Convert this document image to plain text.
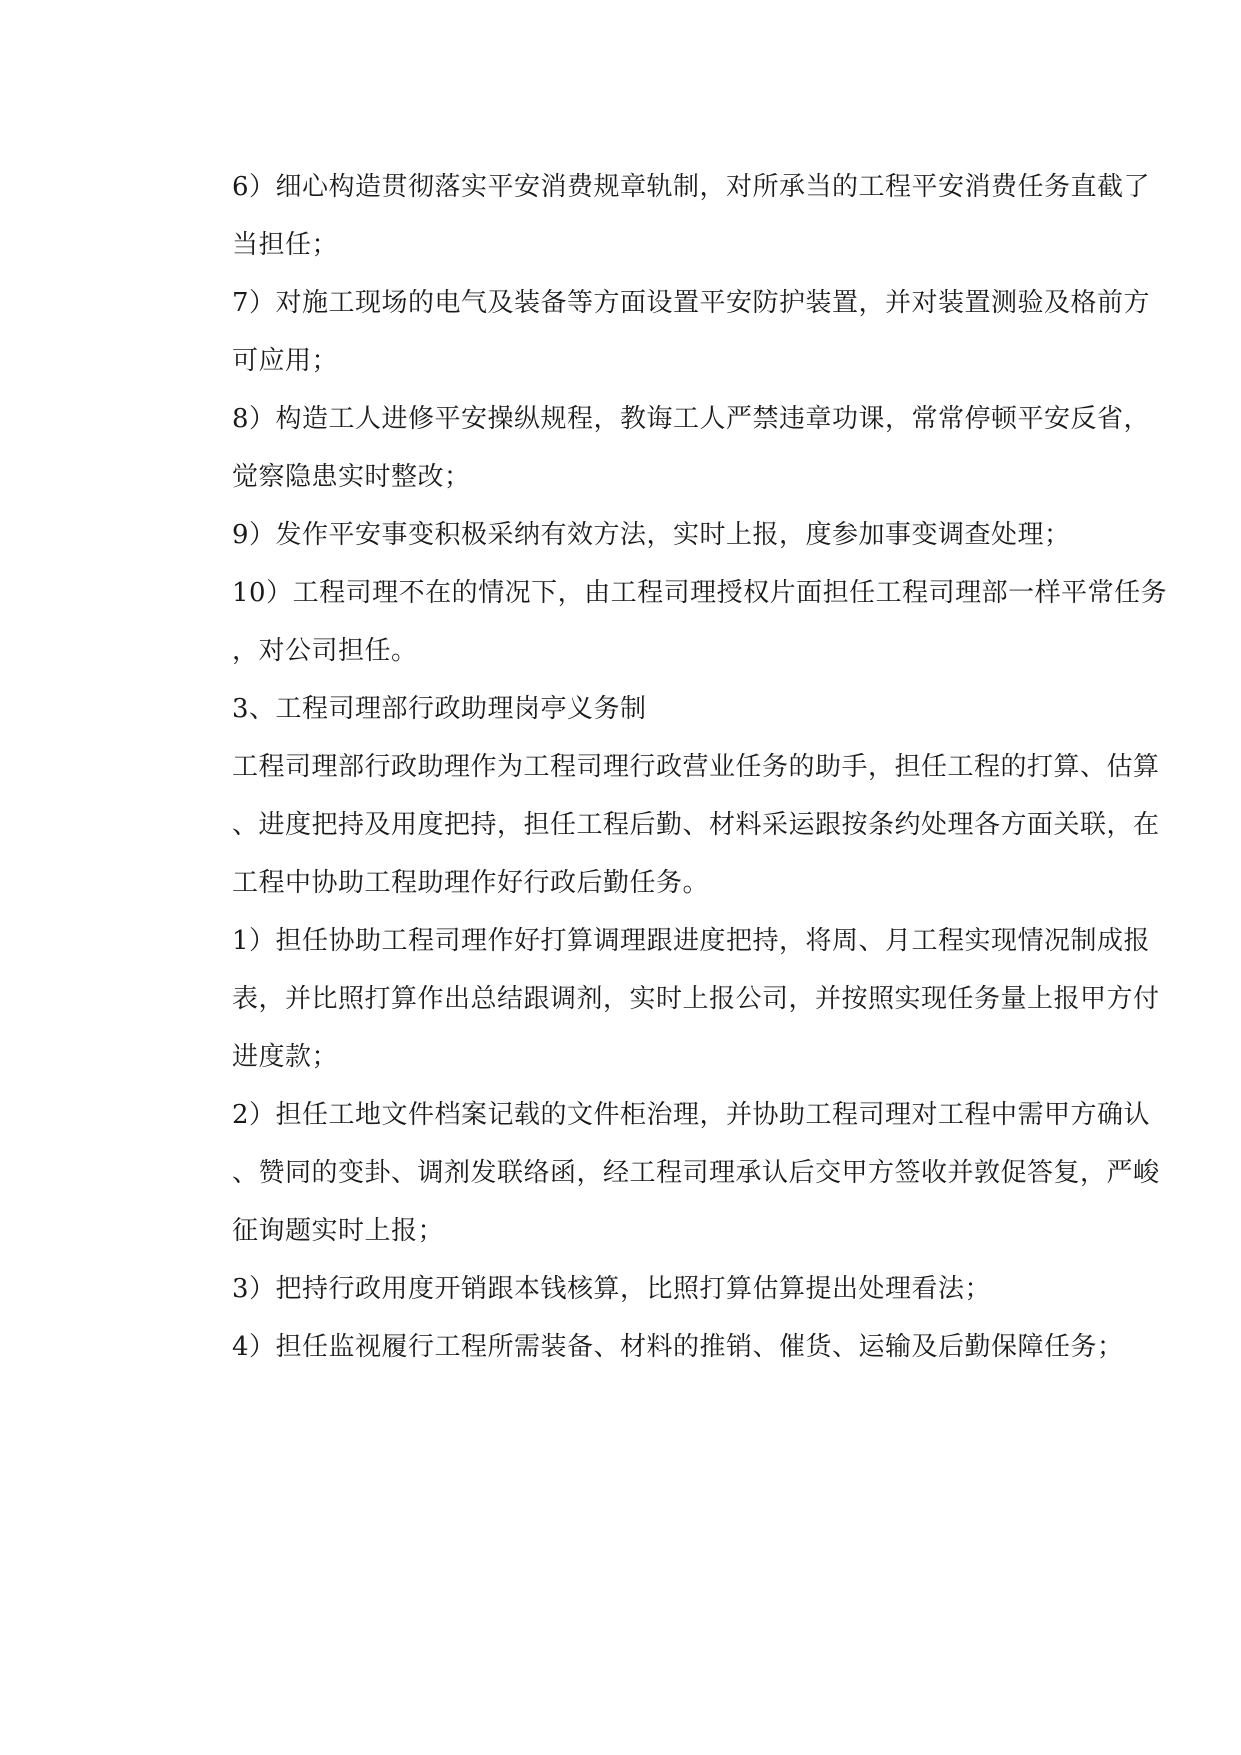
6）细心构造贯彻落实平安消费规章轨制，对所承当的工程平安消费任务直截了
当担任；
7）对施工现场的电气及装备等方面设置平安防护装置，并对装置测验及格前方
可应用；
8）构造工人进修平安操纵规程，教诲工人严禁违章功课，常常停顿平安反省，
觉察隐患实时整改；
9）发作平安事变积极采纳有效方法，实时上报，度参加事变调查处理；
10）工程司理不在的情况下，由工程司理授权片面担任工程司理部一样平常任务
，对公司担任。
3、工程司理部行政助理岗亭义务制
工程司理部行政助理作为工程司理行政营业任务的助手，担任工程的打算、估算
、进度把持及用度把持，担任工程后勤、材料采运跟按条约处理各方面关联，在
工程中协助工程助理作好行政后勤任务。
1）担任协助工程司理作好打算调理跟进度把持，将周、月工程实现情况制成报
表，并比照打算作出总结跟调剂，实时上报公司，并按照实现任务量上报甲方付
进度款；
2）担任工地文件档案记载的文件柜治理，并协助工程司理对工程中需甲方确认
、赞同的变卦、调剂发联络函，经工程司理承认后交甲方签收并敦促答复，严峻
征询题实时上报；
3）把持行政用度开销跟本钱核算，比照打算估算提出处理看法；
4）担任监视履行工程所需装备、材料的推销、催货、运输及后勤保障任务；
